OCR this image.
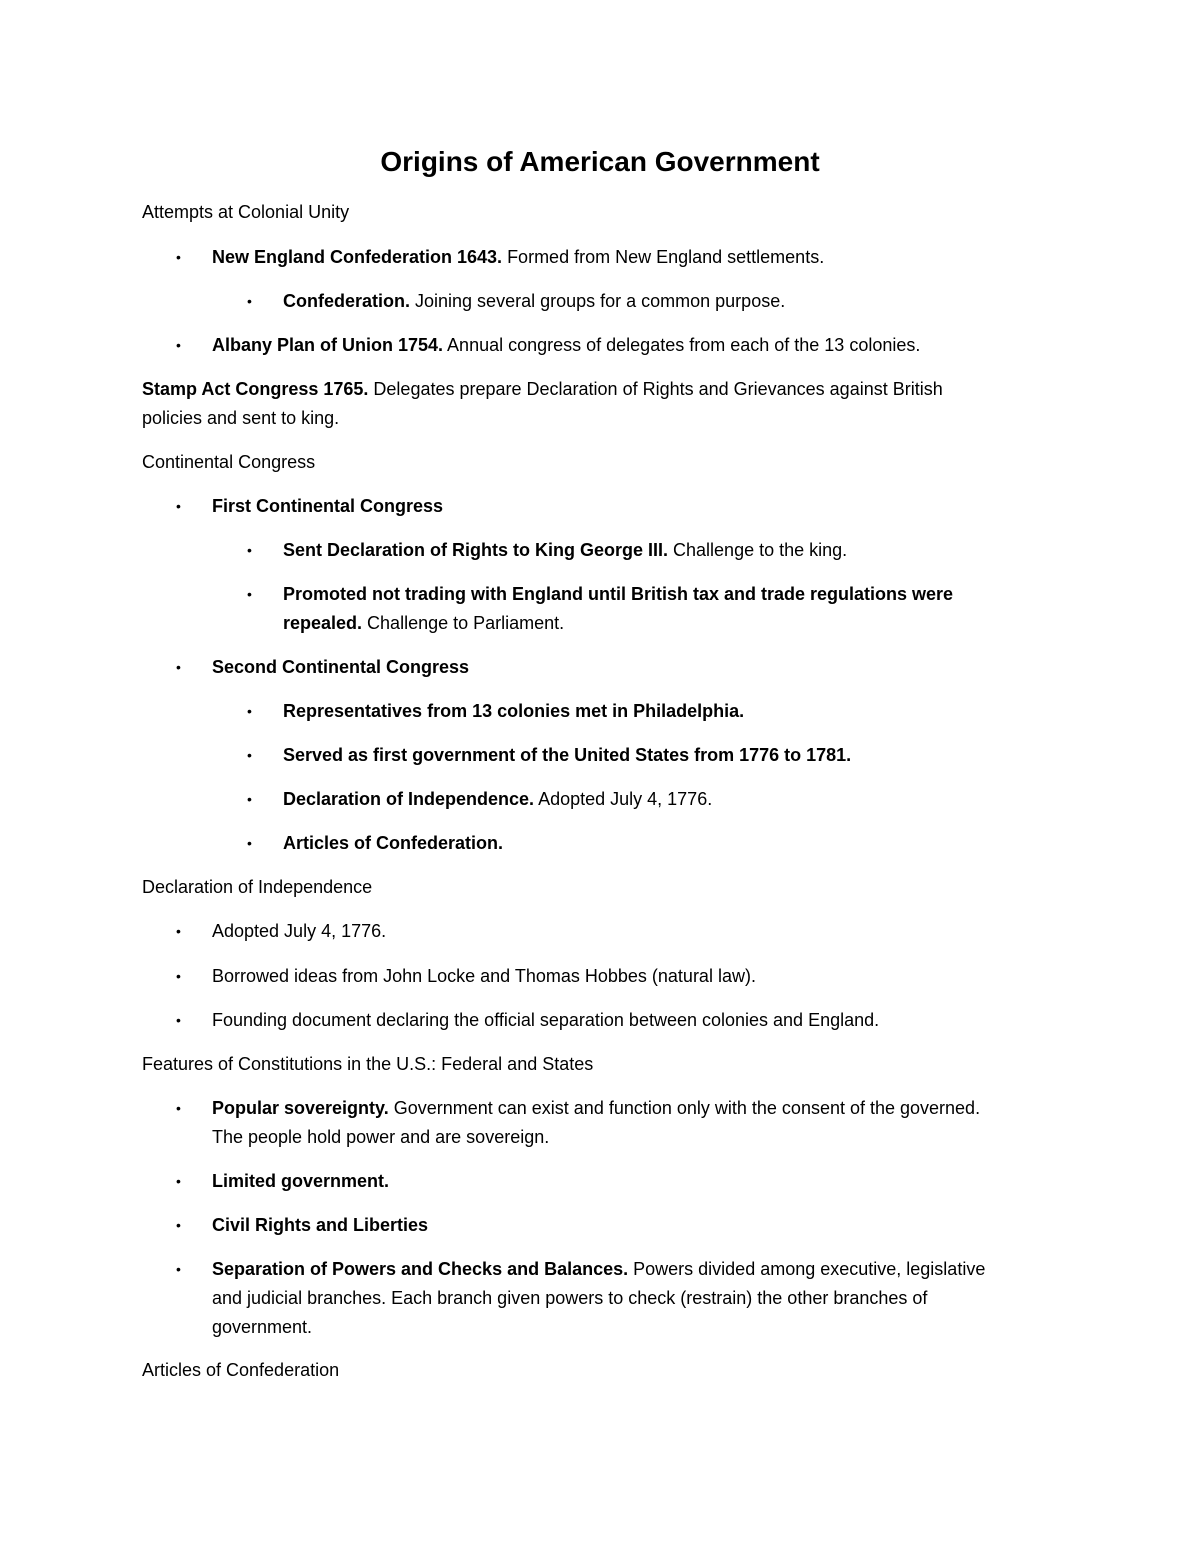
Origins of American Government
Attempts at Colonial Unity
• New England Confederation 1643. Formed from New England settlements.
• Confederation. Joining several groups for a common purpose.
• Albany Plan of Union 1754. Annual congress of delegates from each of the 13 colonies.
Stamp Act Congress 1765. Delegates prepare Declaration of Rights and Grievances against British
policies and sent to king.
Continental Congress
• First Continental Congress
• Sent Declaration of Rights to King George III. Challenge to the king.
• Promoted not trading with England until British tax and trade regulations were
repealed. Challenge to Parliament.
• Second Continental Congress
• Representatives from 13 colonies met in Philadelphia.
• Served as first government of the United States from 1776 to 1781.
• Declaration of Independence. Adopted July 4, 1776.
• Articles of Confederation.
Declaration of Independence
• Adopted July 4, 1776.
• Borrowed ideas from John Locke and Thomas Hobbes (natural law).
• Founding document declaring the official separation between colonies and England.
Features of Constitutions in the U.S.: Federal and States
• Popular sovereignty. Government can exist and function only with the consent of the governed.
The people hold power and are sovereign.
• Limited government.
• Civil Rights and Liberties
• Separation of Powers and Checks and Balances. Powers divided among executive, legislative
and judicial branches. Each branch given powers to check (restrain) the other branches of
government.
Articles of Confederation
